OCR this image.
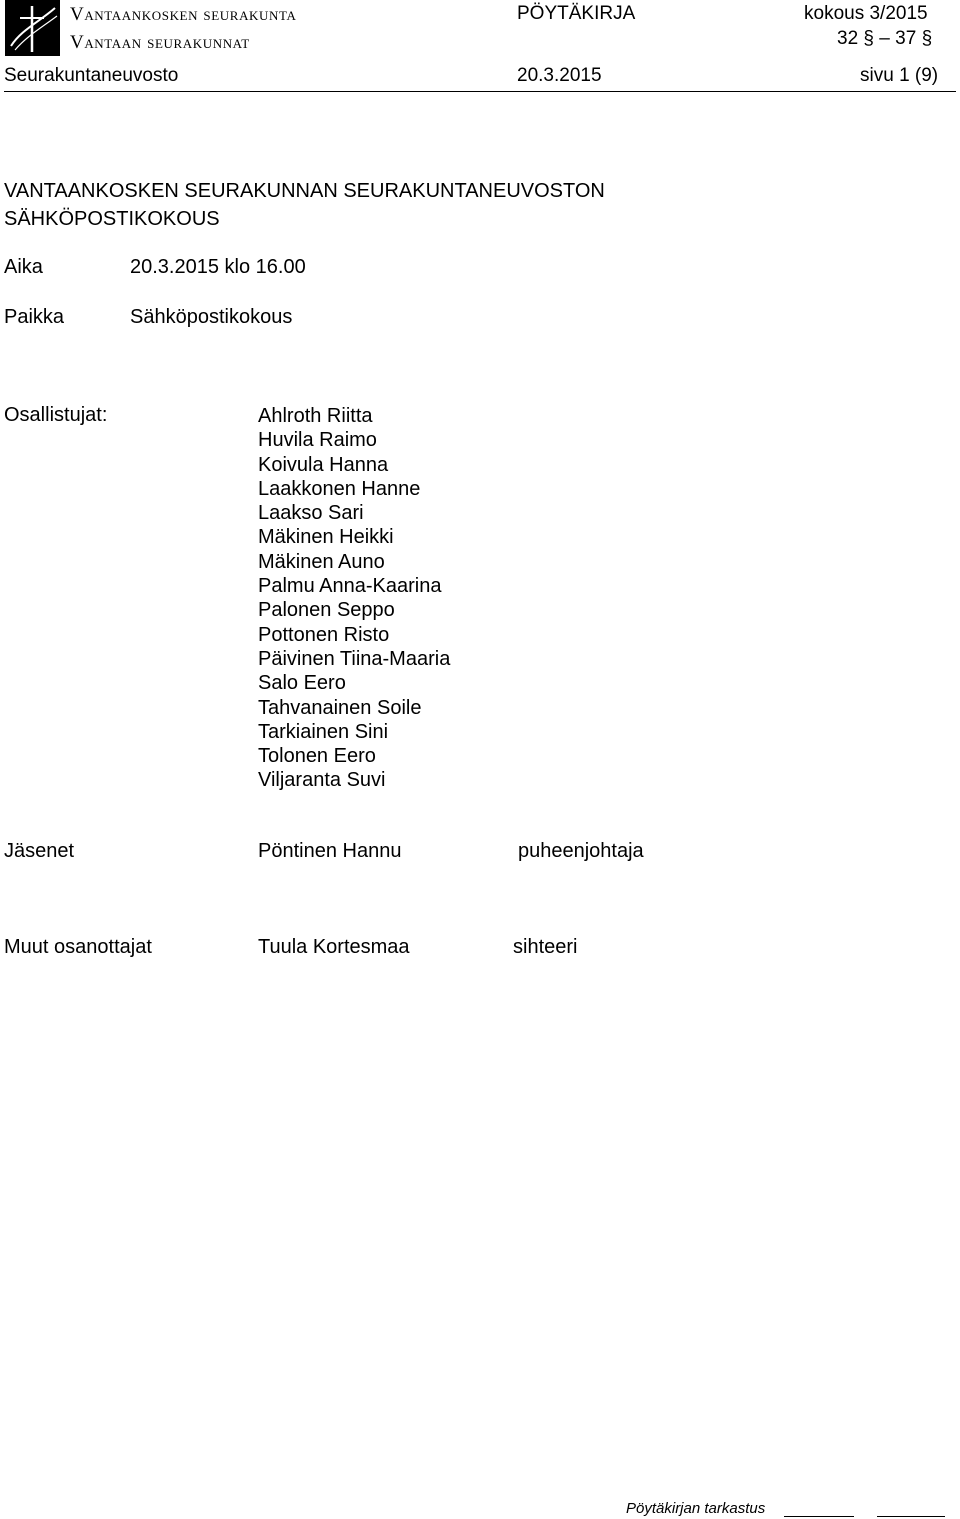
Vantaankosken seurakunta
Vantaan seurakunnat
PÖYTÄKIRJA	kokous 3/2015
32 § – 37 §
Seurakuntaneuvosto	20.3.2015	sivu 1 (9)
VANTAANKOSKEN SEURAKUNNAN SEURAKUNTANEUVOSTON
SÄHKÖPOSTIKOKOUS
Aika	20.3.2015 klo 16.00
Paikka	Sähköpostikokous
Osallistujat:	Ahlroth Riitta
Huvila Raimo
Koivula Hanna
Laakkonen Hanne
Laakso Sari
Mäkinen Heikki
Mäkinen Auno
Palmu Anna-Kaarina
Palonen Seppo
Pottonen Risto
Päivinen Tiina-Maaria
Salo Eero
Tahvanainen Soile
Tarkiainen Sini
Tolonen Eero
Viljaranta Suvi
Jäsenet	Pöntinen Hannu	puheenjohtaja
Muut osanottajat	Tuula Kortesmaa	sihteeri
Pöytäkirjan tarkastus
